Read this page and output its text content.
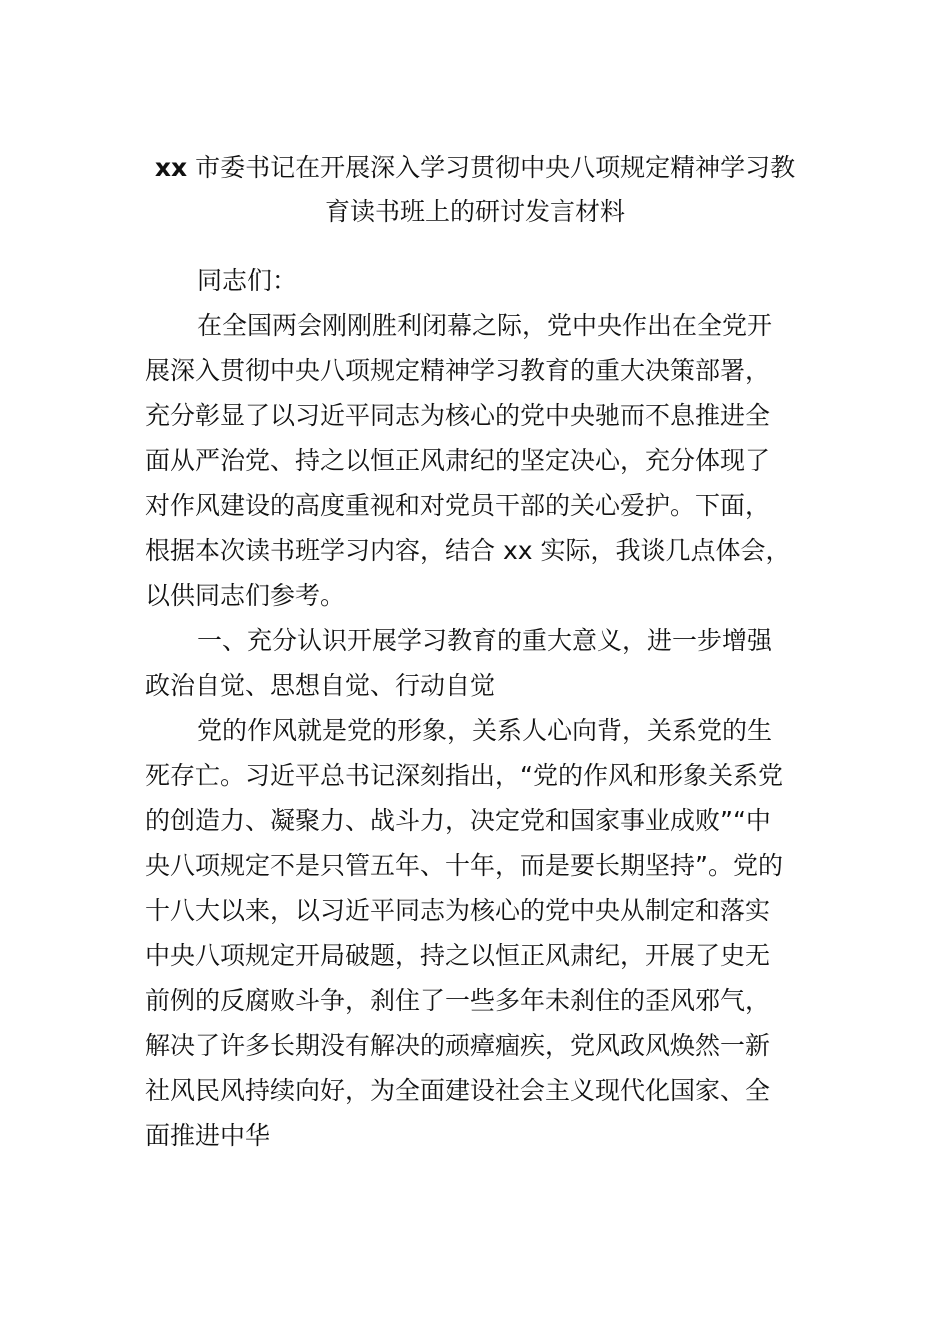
xx 市委书记在开展深入学习贯彻中央八项规定精神学习教
育读书班上的研讨发言材料
同志们：
在全国两会刚刚胜利闭幕之际，党中央作出在全党开
展深入贯彻中央八项规定精神学习教育的重大决策部署，
充分彰显了以习近平同志为核心的党中央驰而不息推进全
面从严治党、持之以恒正风肃纪的坚定决心，充分体现了
对作风建设的高度重视和对党员干部的关心爱护。下面，
根据本次读书班学习内容，结合 xx 实际，我谈几点体会，
以供同志们参考。
一、充分认识开展学习教育的重大意义，进一步增强
政治自觉、思想自觉、行动自觉
党的作风就是党的形象，关系人心向背，关系党的生
死存亡。习近平总书记深刻指出，“党的作风和形象关系党
的创造力、凝聚力、战斗力，决定党和国家事业成败”“中
央八项规定不是只管五年、十年，而是要长期坚持”。党的
十八大以来，以习近平同志为核心的党中央从制定和落实
中央八项规定开局破题，持之以恒正风肃纪，开展了史无
前例的反腐败斗争，刹住了一些多年未刹住的歪风邪气，
解决了许多长期没有解决的顽瘴痼疾，党风政风焕然一新
社风民风持续向好，为全面建设社会主义现代化国家、全
面推进中华
